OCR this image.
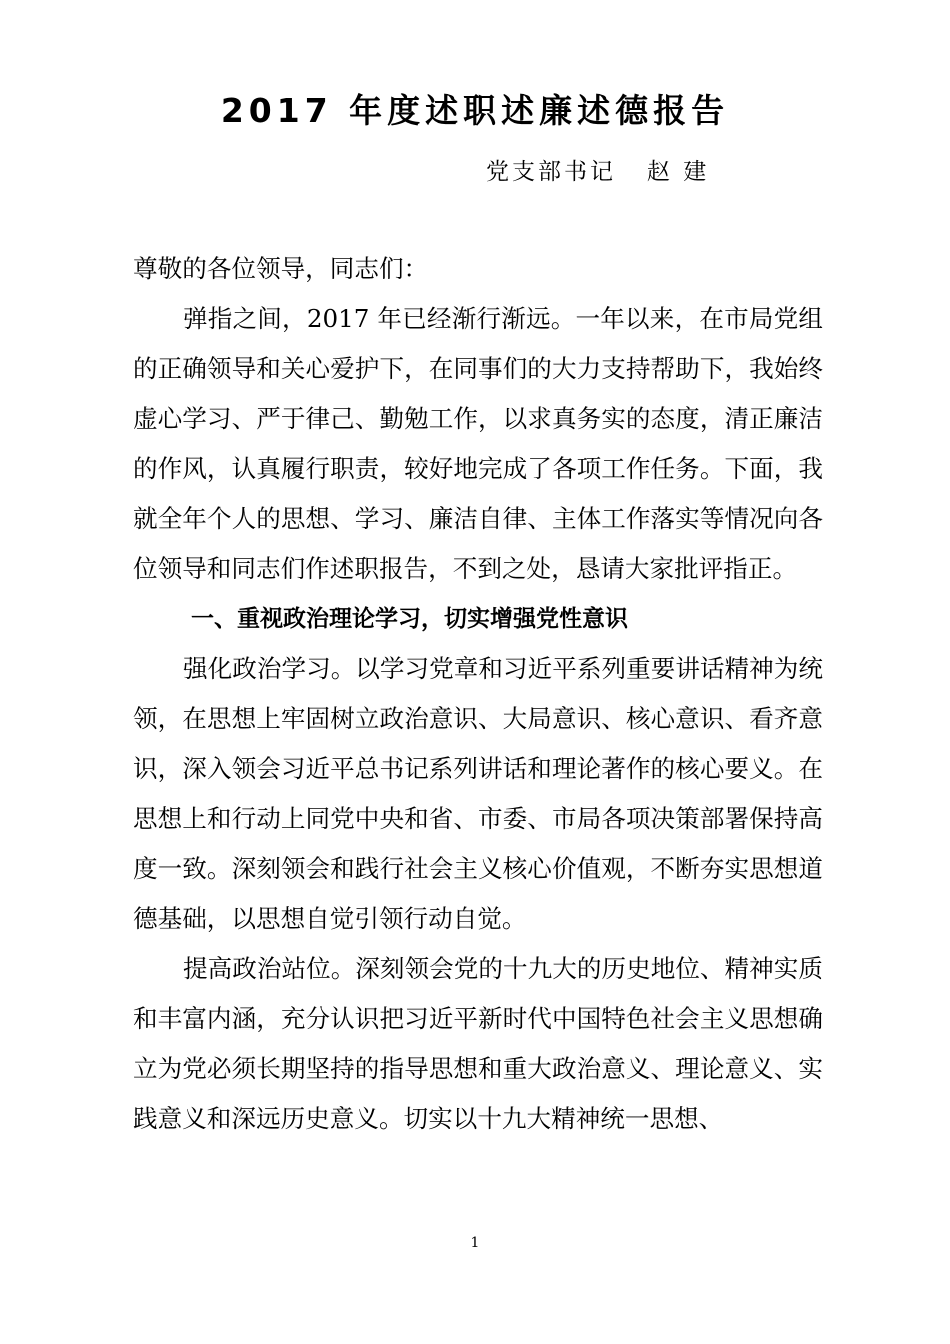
2017 年度述职述廉述德报告
党支部书记   赵 建

尊敬的各位领导，同志们：

弹指之间，2017 年已经渐行渐远。一年以来，在市局党组的正确领导和关心爱护下，在同事们的大力支持帮助下，我始终虚心学习、严于律己、勤勉工作，以求真务实的态度，清正廉洁的作风，认真履行职责，较好地完成了各项工作任务。下面，我就全年个人的思想、学习、廉洁自律、主体工作落实等情况向各位领导和同志们作述职报告，不到之处，恳请大家批评指正。

一、重视政治理论学习，切实增强党性意识

强化政治学习。以学习党章和习近平系列重要讲话精神为统领，在思想上牢固树立政治意识、大局意识、核心意识、看齐意识，深入领会习近平总书记系列讲话和理论著作的核心要义。在思想上和行动上同党中央和省、市委、市局各项决策部署保持高度一致。深刻领会和践行社会主义核心价值观，不断夯实思想道德基础，以思想自觉引领行动自觉。

提高政治站位。深刻领会党的十九大的历史地位、精神实质和丰富内涵，充分认识把习近平新时代中国特色社会主义思想确立为党必须长期坚持的指导思想和重大政治意义、理论意义、实践意义和深远历史意义。切实以十九大精神统一思想、

1
